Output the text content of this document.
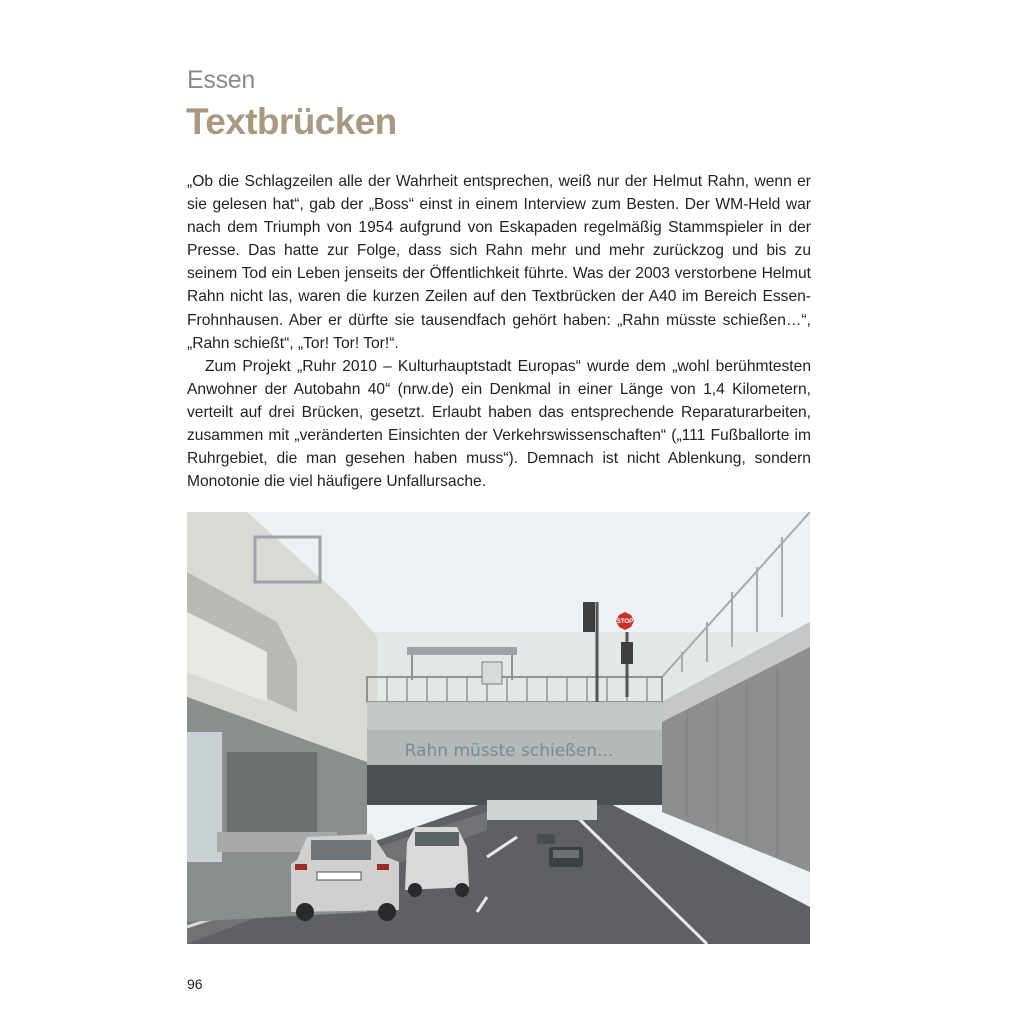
Essen
Textbrücken

„Ob die Schlagzeilen alle der Wahrheit entsprechen, weiß nur der Helmut Rahn, wenn er sie gelesen hat“, gab der „Boss“ einst in einem Interview zum Besten. Der WM-Held war nach dem Triumph von 1954 aufgrund von Eskapaden regelmäßig Stammspieler in der Presse. Das hatte zur Folge, dass sich Rahn mehr und mehr zurückzog und bis zu seinem Tod ein Leben jenseits der Öffentlichkeit führte. Was der 2003 verstorbene Helmut Rahn nicht las, waren die kurzen Zeilen auf den Textbrücken der A40 im Bereich Essen-Frohnhausen. Aber er dürfte sie tausendfach gehört haben: „Rahn müsste schießen…“, „Rahn schießt“, „Tor! Tor! Tor!“.

Zum Projekt „Ruhr 2010 – Kulturhauptstadt Europas“ wurde dem „wohl berühmtesten Anwohner der Autobahn 40“ (nrw.de) ein Denkmal in einer Länge von 1,4 Kilometern, verteilt auf drei Brücken, gesetzt. Erlaubt haben das entsprechende Reparaturarbeiten, zusammen mit „veränderten Einsichten der Verkehrswissenschaften“ („111 Fußballorte im Ruhrgebiet, die man gesehen haben muss“). Demnach ist nicht Ablenkung, sondern Monotonie die viel häufigere Unfallursache.

STOP
Rahn müsste schießen...
96
